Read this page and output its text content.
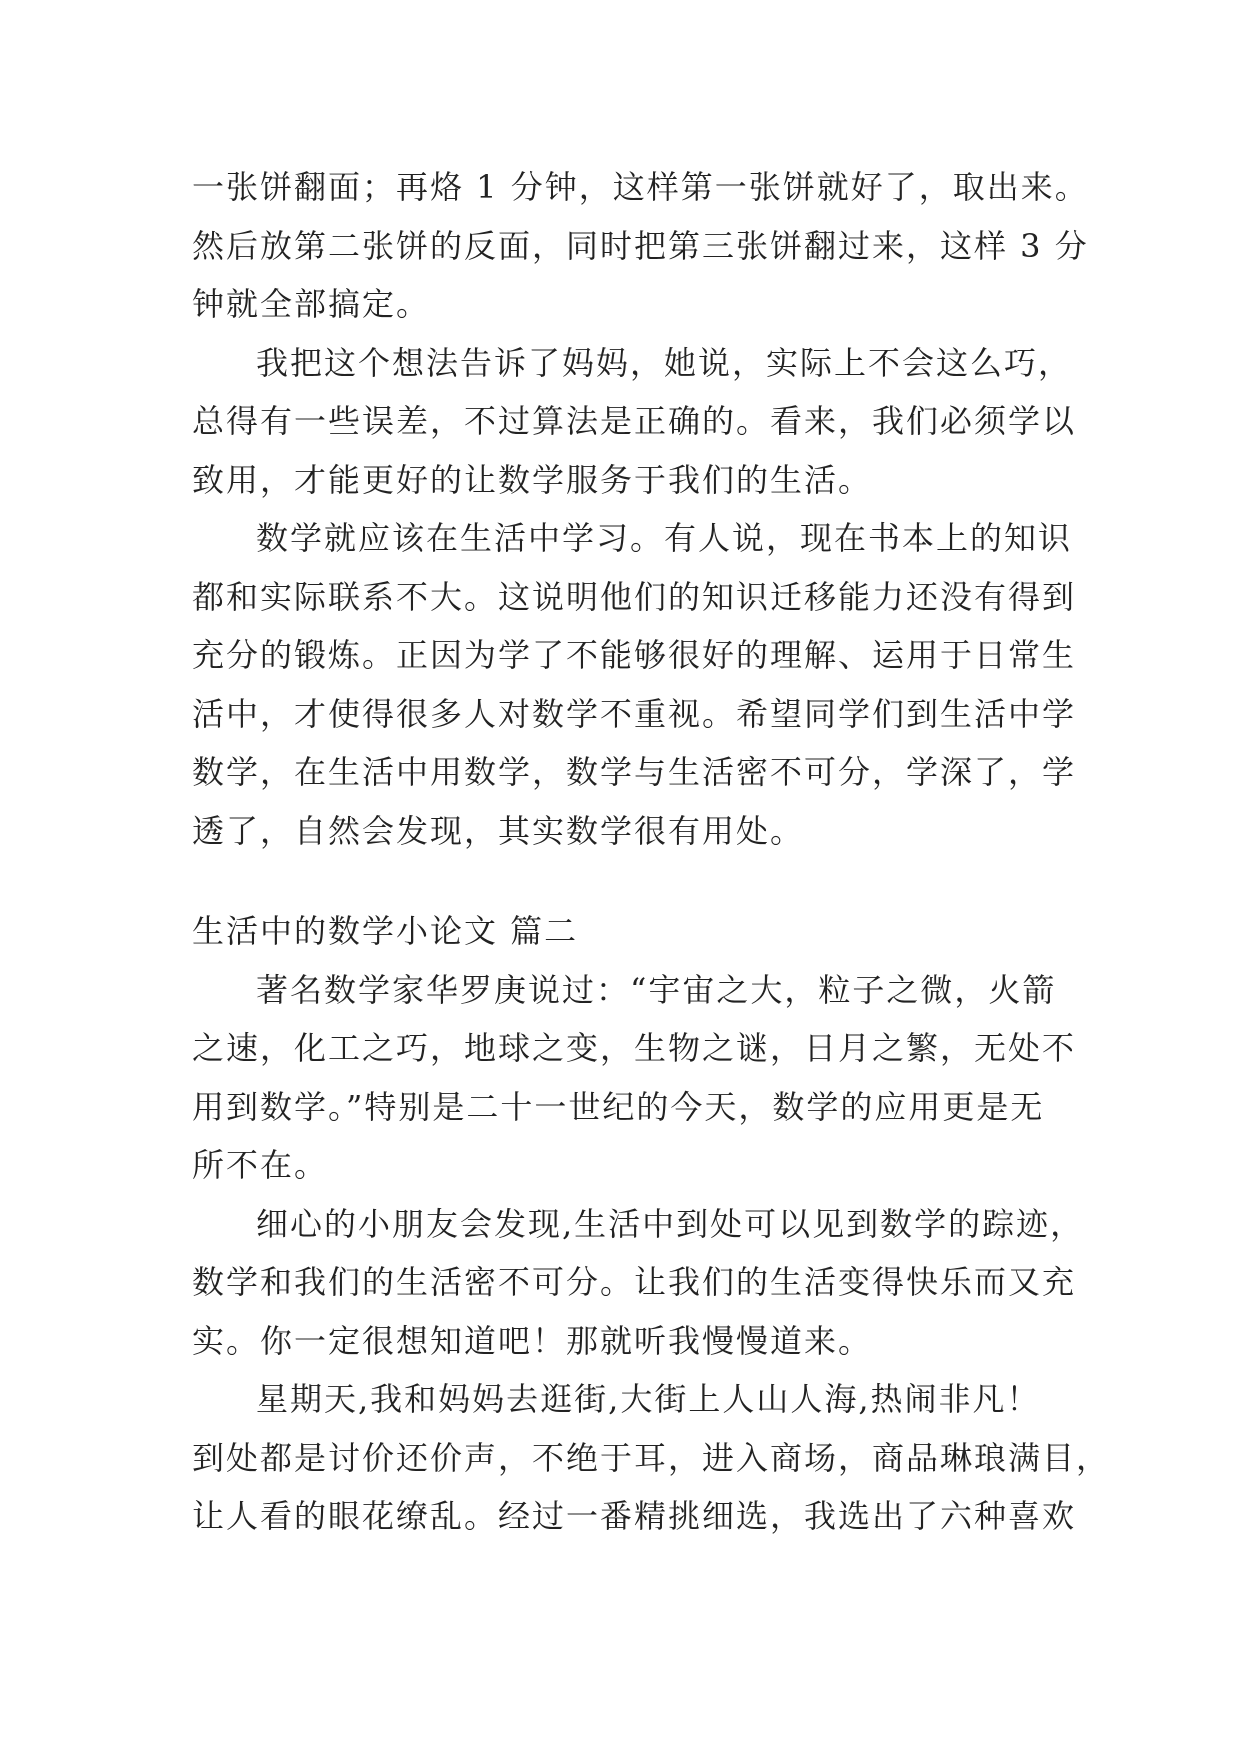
一张饼翻面；再烙 1 分钟，这样第一张饼就好了，取出来。
然后放第二张饼的反面，同时把第三张饼翻过来，这样 3 分
钟就全部搞定。
我把这个想法告诉了妈妈，她说，实际上不会这么巧，
总得有一些误差，不过算法是正确的。看来，我们必须学以
致用，才能更好的让数学服务于我们的生活。
数学就应该在生活中学习。有人说，现在书本上的知识
都和实际联系不大。这说明他们的知识迁移能力还没有得到
充分的锻炼。正因为学了不能够很好的理解、运用于日常生
活中，才使得很多人对数学不重视。希望同学们到生活中学
数学，在生活中用数学，数学与生活密不可分，学深了，学
透了，自然会发现，其实数学很有用处。
生活中的数学小论文 篇二
著名数学家华罗庚说过：“宇宙之大，粒子之微，火箭
之速，化工之巧，地球之变，生物之谜，日月之繁，无处不
用到数学。”特别是二十一世纪的今天，数学的应用更是无
所不在。
细心的小朋友会发现,生活中到处可以见到数学的踪迹，
数学和我们的生活密不可分。让我们的生活变得快乐而又充
实。你一定很想知道吧！那就听我慢慢道来。
星期天,我和妈妈去逛街,大街上人山人海,热闹非凡！
到处都是讨价还价声，不绝于耳，进入商场，商品琳琅满目，
让人看的眼花缭乱。经过一番精挑细选，我选出了六种喜欢
